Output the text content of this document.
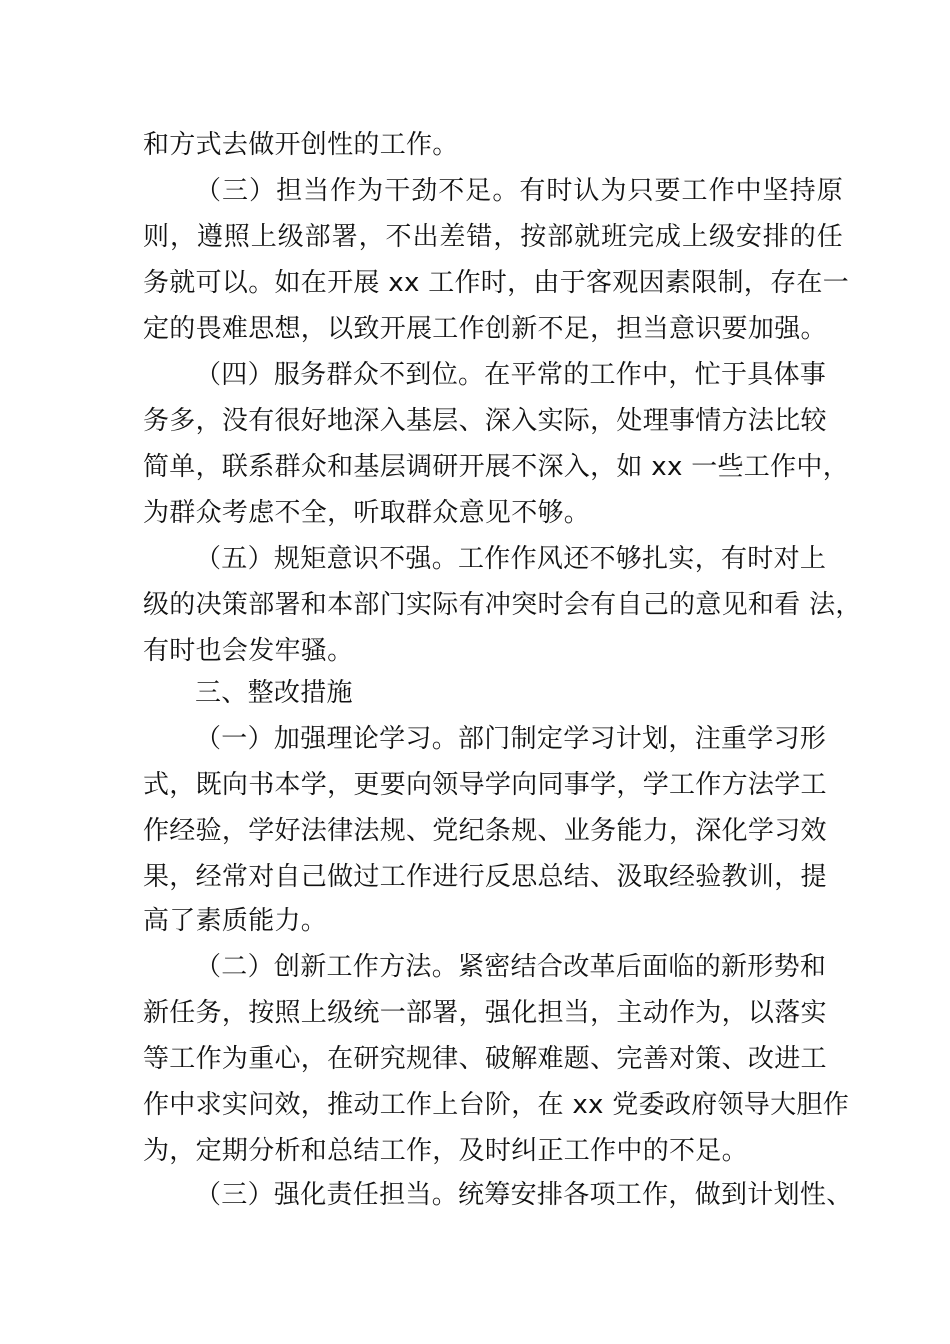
和方式去做开创性的工作。
（三）担当作为干劲不足。有时认为只要工作中坚持原
则，遵照上级部署，不出差错，按部就班完成上级安排的任
务就可以。如在开展 xx 工作时，由于客观因素限制，存在一
定的畏难思想，以致开展工作创新不足，担当意识要加强。
（四）服务群众不到位。在平常的工作中，忙于具体事
务多，没有很好地深入基层、深入实际，处理事情方法比较
简单，联系群众和基层调研开展不深入，如 xx 一些工作中，
为群众考虑不全，听取群众意见不够。
（五）规矩意识不强。工作作风还不够扎实，有时对上
级的决策部署和本部门实际有冲突时会有自己的意见和看 法，
有时也会发牢骚。
三、整改措施
（一）加强理论学习。部门制定学习计划，注重学习形
式，既向书本学，更要向领导学向同事学，学工作方法学工
作经验，学好法律法规、党纪条规、业务能力，深化学习效
果，经常对自己做过工作进行反思总结、汲取经验教训，提
高了素质能力。
（二）创新工作方法。紧密结合改革后面临的新形势和
新任务，按照上级统一部署，强化担当，主动作为，以落实
等工作为重心，在研究规律、破解难题、完善对策、改进工
作中求实问效，推动工作上台阶，在 xx 党委政府领导大胆作
为，定期分析和总结工作，及时纠正工作中的不足。
（三）强化责任担当。统筹安排各项工作，做到计划性、
